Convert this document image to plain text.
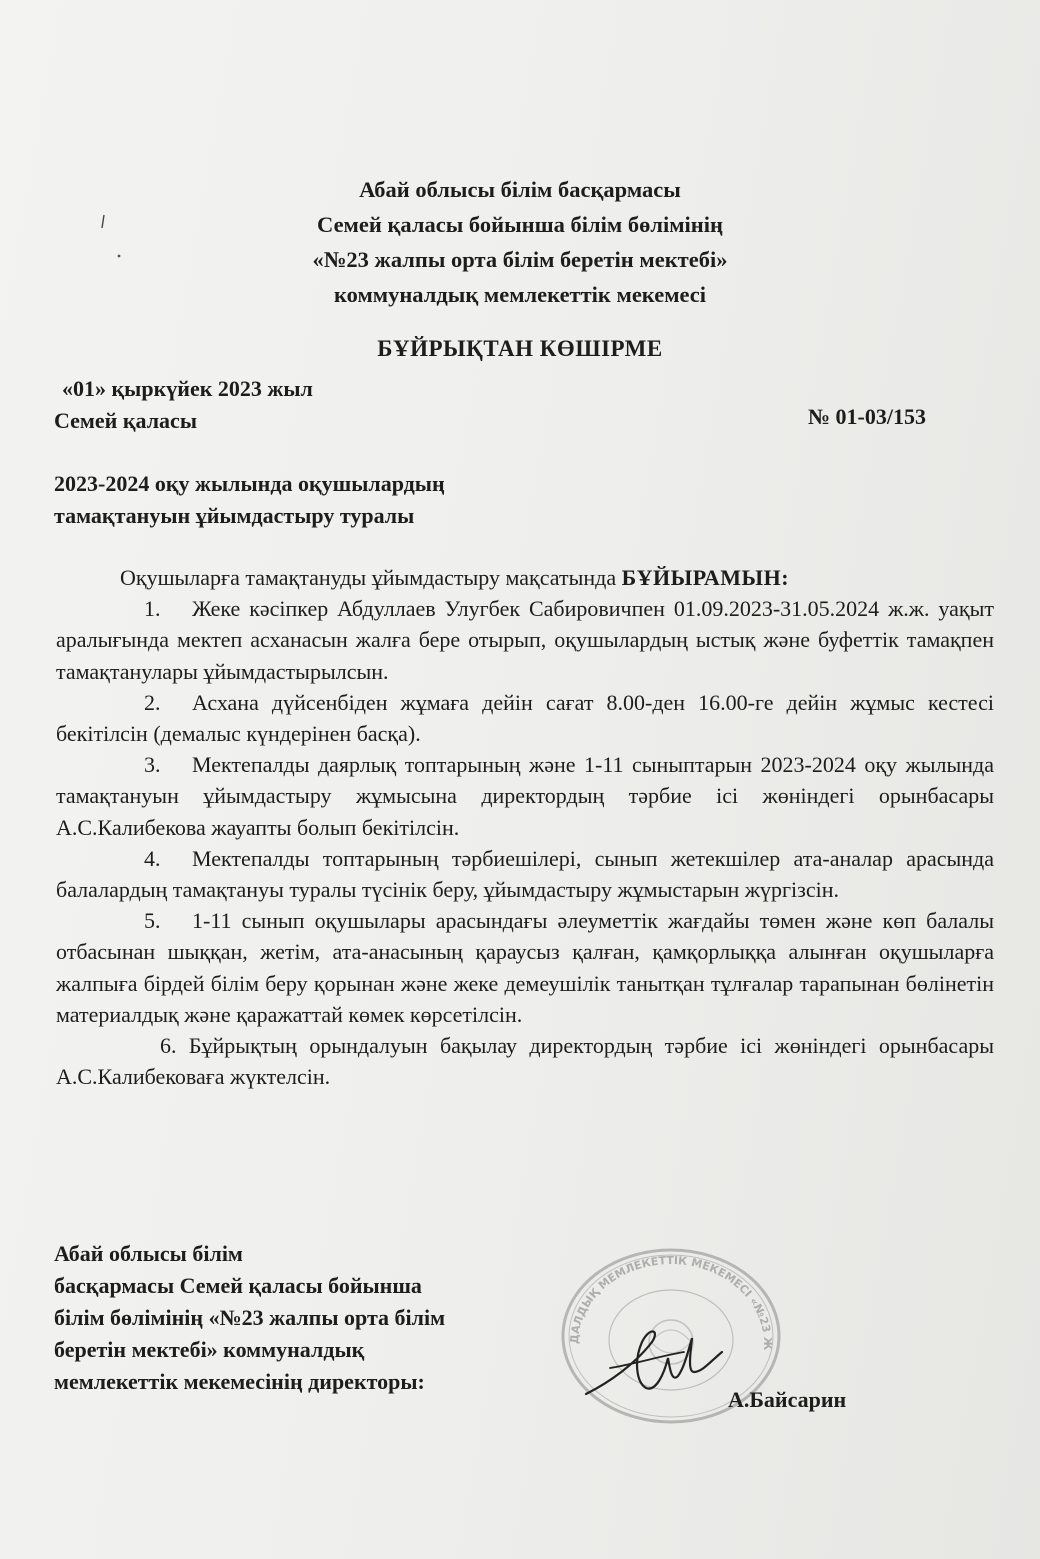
Абай облысы білім басқармасы
Семей қаласы бойынша білім бөлімінің
«№23 жалпы орта білім беретін мектебі»
коммуналдық мемлекеттік мекемесі
БҰЙРЫҚТАН КӨШІРМЕ
«01» қыркүйек 2023 жыл
Семей қаласы	№ 01-03/153
2023-2024 оқу жылында оқушылардың
тамақтануын ұйымдастыру туралы

Оқушыларға тамақтануды ұйымдастыру мақсатында БҰЙЫРАМЫН:

1. Жеке кәсіпкер Абдуллаев Улугбек Сабировичпен 01.09.2023-31.05.2024 ж.ж. уақыт аралығында мектеп асханасын жалға бере отырып, оқушылардың ыстық және буфеттік тамақпен тамақтанулары ұйымдастырылсын.

2. Асхана дүйсенбіден жұмаға дейін сағат 8.00-ден 16.00-ге дейін жұмыс кестесі бекітілсін (демалыс күндерінен басқа).

3. Мектепалды даярлық топтарының және 1-11 сыныптарын 2023-2024 оқу жылында тамақтануын ұйымдастыру жұмысына директордың тәрбие ісі жөніндегі орынбасары А.С.Калибекова жауапты болып бекітілсін.

4. Мектепалды топтарының тәрбиешілері, сынып жетекшілер ата-аналар арасында балалардың тамақтануы туралы түсінік беру, ұйымдастыру жұмыстарын жүргізсін.

5. 1-11 сынып оқушылары арасындағы әлеуметтік жағдайы төмен және көп балалы отбасынан шыққан, жетім, ата-анасының қараусыз қалған, қамқорлыққа алынған оқушыларға жалпыға бірдей білім беру қорынан және жеке демеушілік танытқан тұлғалар тарапынан бөлінетін материалдық және қаражаттай көмек көрсетілсін.

6. Бұйрықтың орындалуын бақылау директордың тәрбие ісі жөніндегі орынбасары А.С.Калибековаға жүктелсін.

Абай облысы білім
басқармасы Семей қаласы бойынша
білім бөлімінің «№23 жалпы орта білім
беретін мектебі» коммуналдық
мемлекеттік мекемесінің директоры:
ДАЛДЫҚ МЕМЛЕКЕТТІК МЕКЕМЕСІ «№23 Ж
А.Байсарин
